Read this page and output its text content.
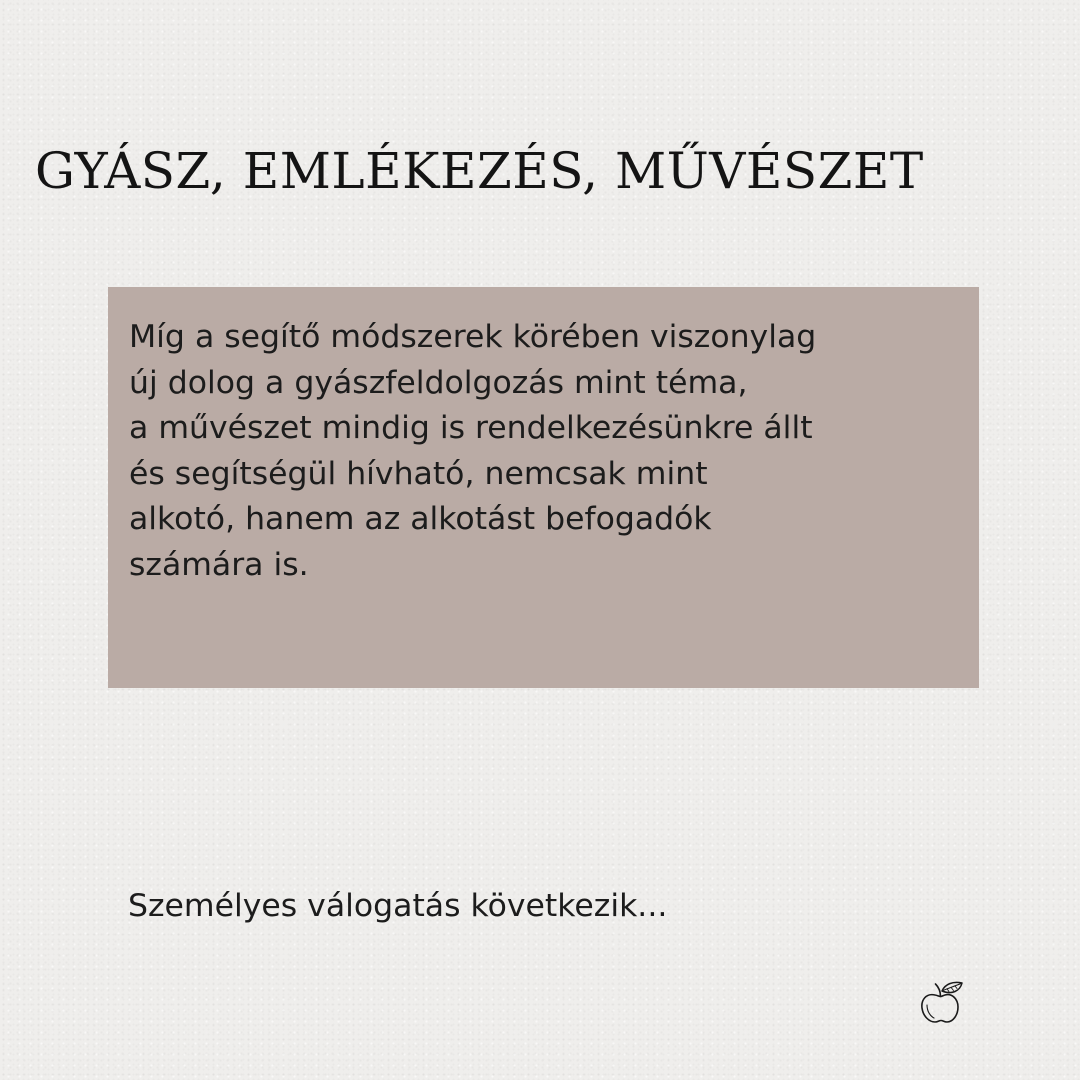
GYÁSZ, EMLÉKEZÉS, MŰVÉSZET

Míg a segítő módszerek körében viszonylag
új dolog a gyászfeldolgozás mint téma,
a művészet mindig is rendelkezésünkre állt
és segítségül hívható, nemcsak mint
alkotó, hanem az alkotást befogadók
számára is.

Személyes válogatás következik...
